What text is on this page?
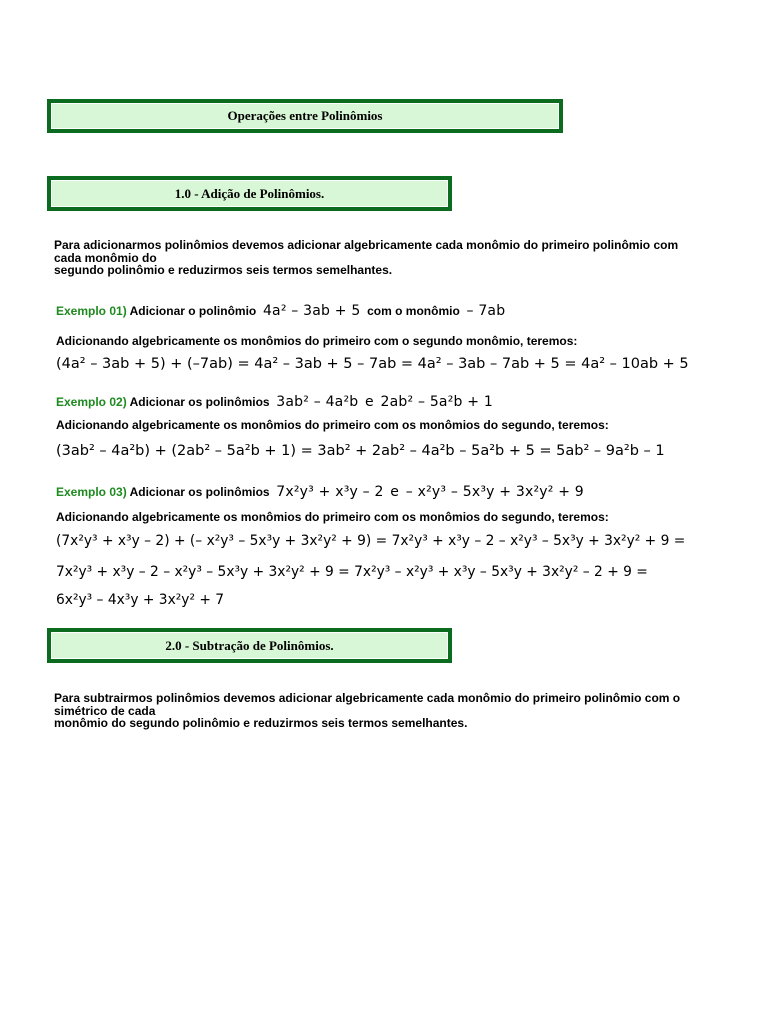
Operações entre Polinômios
1.0 - Adição de Polinômios.
Para adicionarmos polinômios devemos adicionar algebricamente cada monômio do primeiro polinômio com
cada monômio do
segundo polinômio e reduzirmos seis termos semelhantes.
Exemplo 01) Adicionar o polinômio 4a² – 3ab + 5 com o monômio – 7ab
Adicionando algebricamente os monômios do primeiro com o segundo monômio, teremos:
(4a² – 3ab + 5) + (–7ab) = 4a² – 3ab + 5 – 7ab = 4a² – 3ab – 7ab + 5 = 4a² – 10ab + 5
Exemplo 02) Adicionar os polinômios 3ab² – 4a²b e 2ab² – 5a²b + 1
Adicionando algebricamente os monômios do primeiro com os monômios do segundo, teremos:
(3ab² – 4a²b) + (2ab² – 5a²b + 1) = 3ab² + 2ab² – 4a²b – 5a²b + 5 = 5ab² – 9a²b – 1
Exemplo 03) Adicionar os polinômios 7x²y³ + x³y – 2 e – x²y³ – 5x³y + 3x²y² + 9
Adicionando algebricamente os monômios do primeiro com os monômios do segundo, teremos:
(7x²y³ + x³y – 2) + (– x²y³ – 5x³y + 3x²y² + 9) = 7x²y³ + x³y – 2 – x²y³ – 5x³y + 3x²y² + 9 =
7x²y³ + x³y – 2 – x²y³ – 5x³y + 3x²y² + 9 = 7x²y³ – x²y³ + x³y – 5x³y + 3x²y² – 2 + 9 =
6x²y³ – 4x³y + 3x²y² + 7
2.0 - Subtração de Polinômios.
Para subtrairmos polinômios devemos adicionar algebricamente cada monômio do primeiro polinômio com o
simétrico de cada
monômio do segundo polinômio e reduzirmos seis termos semelhantes.
